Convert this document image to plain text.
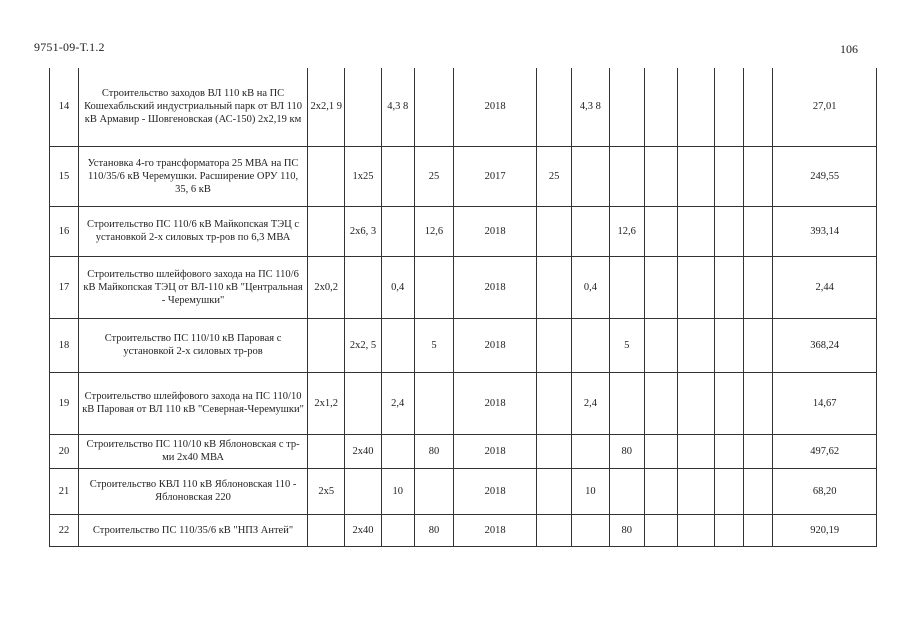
9751-09-Т.1.2	106
14	Строительство заходов ВЛ 110 кВ на ПС Кошехабльский индустриальный парк от ВЛ 110 кВ Армавир - Шовгеновская (АС-150) 2х2,19 км	2х2,1 9		4,3 8		2018		4,3 8						27,01
15	Установка 4-го трансформатора 25 МВА на ПС 110/35/6 кВ Черемушки. Расширение ОРУ 110, 35, 6 кВ		1х25		25	2017	25							249,55
16	Строительство ПС 110/6 кВ Майкопская ТЭЦ с установкой 2-х силовых тр-ров по 6,3 МВА		2х6, 3		12,6	2018			12,6					393,14
17	Строительство шлейфового захода на ПС 110/6 кВ Майкопская ТЭЦ от ВЛ-110 кВ "Центральная - Черемушки"	2х0,2		0,4		2018		0,4						2,44
18	Строительство ПС 110/10 кВ Паровая с установкой 2-х силовых тр-ров		2х2, 5		5	2018			5					368,24
19	Строительство шлейфового захода на ПС 110/10 кВ Паровая от ВЛ 110 кВ "Северная-Черемушки"	2х1,2		2,4		2018		2,4						14,67
20	Строительство ПС 110/10 кВ Яблоновская с тр-ми 2х40 МВА		2х40		80	2018			80					497,62
21	Строительство КВЛ 110 кВ Яблоновская 110 - Яблоновская 220	2х5		10		2018		10						68,20
22	Строительство ПС 110/35/6 кВ "НПЗ Антей"		2х40		80	2018			80					920,19
